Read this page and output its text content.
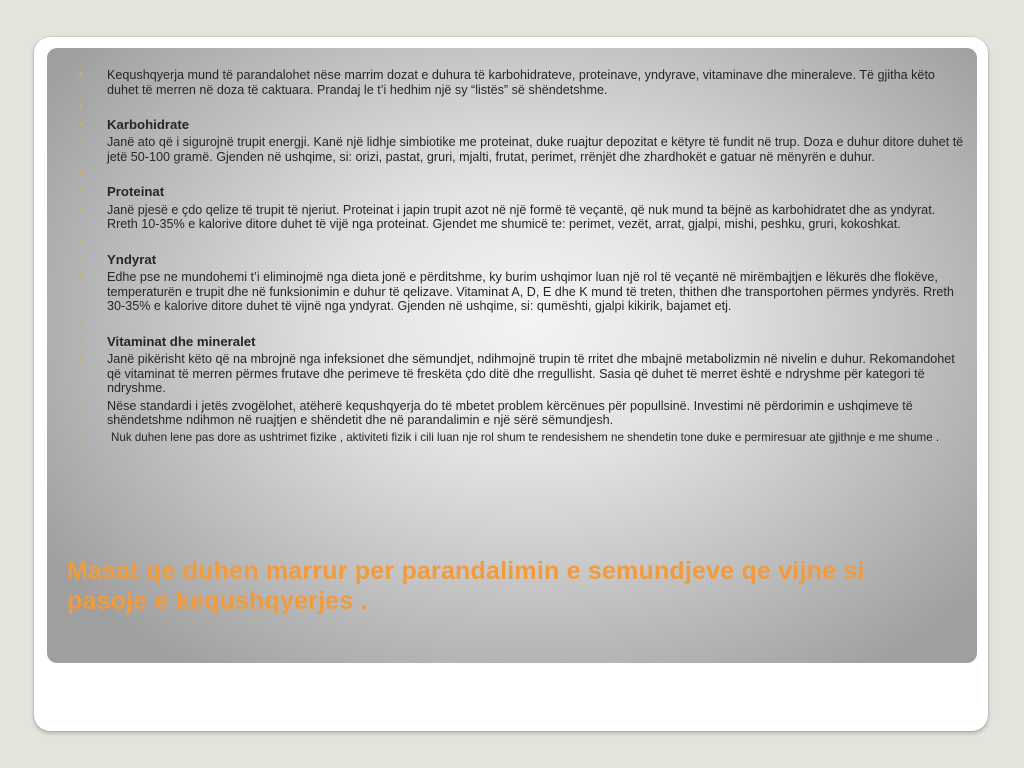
▪ Kequshqyerja mund të parandalohet nëse marrim dozat e duhura të karbohidrateve, proteinave, yndyrave, vitaminave dhe mineraleve. Të gjitha këto duhet të merren në doza të caktuara. Prandaj le t’i hedhim një sy “listës” së shëndetshme.
▪
▪ Karbohidrate
▪ Janë ato që i sigurojnë trupit energji. Kanë një lidhje simbiotike me proteinat, duke ruajtur depozitat e këtyre të fundit në trup. Doza e duhur ditore duhet të jetë 50-100 gramë. Gjenden në ushqime, si: orizi, pastat, gruri, mjalti, frutat, perimet, rrënjët dhe zhardhokët e gatuar në mënyrën e duhur.
▪
▪ Proteinat
▪ Janë pjesë e çdo qelize të trupit të njeriut. Proteinat i japin trupit azot në një formë të veçantë, që nuk mund ta bëjnë as karbohidratet dhe as yndyrat. Rreth 10-35% e kalorive ditore duhet të vijë nga proteinat. Gjendet me shumicë te: perimet, vezët, arrat, gjalpi, mishi, peshku, gruri, kokoshkat.
▪
▪ Yndyrat
▪ Edhe pse ne mundohemi t’i eliminojmë nga dieta jonë e përditshme, ky burim ushqimor luan një rol të veçantë në mirëmbajtjen e lëkurës dhe flokëve, temperaturën e trupit dhe në funksionimin e duhur të qelizave. Vitaminat A, D, E dhe K mund të treten, thithen dhe transportohen përmes yndyrës. Rreth 30-35% e kalorive ditore duhet të vijnë nga yndyrat. Gjenden në ushqime, si: qumështi, gjalpi kikirik, bajamet etj.
▪
▪ Vitaminat dhe mineralet
▪ Janë pikërisht këto që na mbrojnë nga infeksionet dhe sëmundjet, ndihmojnë trupin të rritet dhe mbajnë metabolizmin në nivelin e duhur. Rekomandohet që vitaminat të merren përmes frutave dhe perimeve të freskëta çdo ditë dhe rregullisht. Sasia që duhet të merret është e ndryshme për kategori të ndryshme.
▪ Nëse standardi i jetës zvogëlohet, atëherë kequshqyerja do të mbetet problem kërcënues për popullsinë. Investimi në përdorimin e ushqimeve të shëndetshme ndihmon në ruajtjen e shëndetit dhe në parandalimin e një sërë sëmundjesh.
▪ Nuk duhen lene pas dore as ushtrimet fizike , aktiviteti fizik i cili luan nje rol shum te rendesishem ne shendetin tone duke e permiresuar ate gjithnje e me shume .
Masat qe duhen marrur per parandalimin e semundjeve qe vijne si pasoje e kequshqyerjes .
